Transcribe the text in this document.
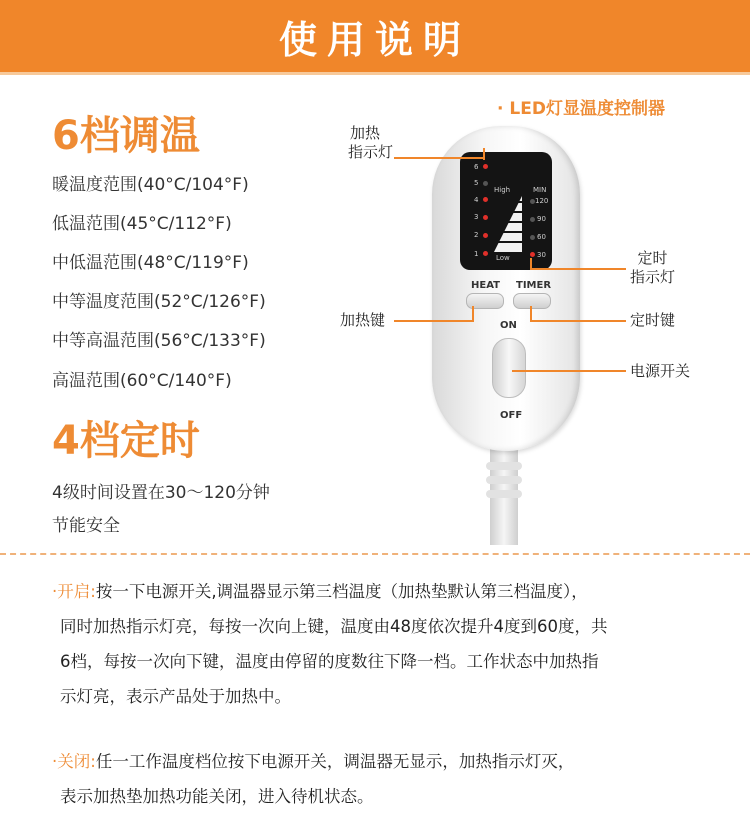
使用说明
6档调温
暖温度范围(40°C/104°F)
低温范围(45°C/112°F)
中低温范围(48°C/119°F)
中等温度范围(52°C/126°F)
中等高温范围(56°C/133°F)
高温范围(60°C/140°F)
4档定时
4级时间设置在30～120分钟
节能安全
· LED灯显温度控制器
6
5
4
3
2
1
High
Low
MIN
120
90
60
30
HEAT TIMER
ON
OFF
加热
指示灯
定时
指示灯
加热键	定时键
电源开关
·开启:按一下电源开关,调温器显示第三档温度（加热垫默认第三档温度），
同时加热指示灯亮，每按一次向上键，温度由48度依次提升4度到60度，共
6档，每按一次向下键，温度由停留的度数往下降一档。工作状态中加热指
示灯亮，表示产品处于加热中。
·关闭:任一工作温度档位按下电源开关，调温器无显示，加热指示灯灭，
表示加热垫加热功能关闭，进入待机状态。
